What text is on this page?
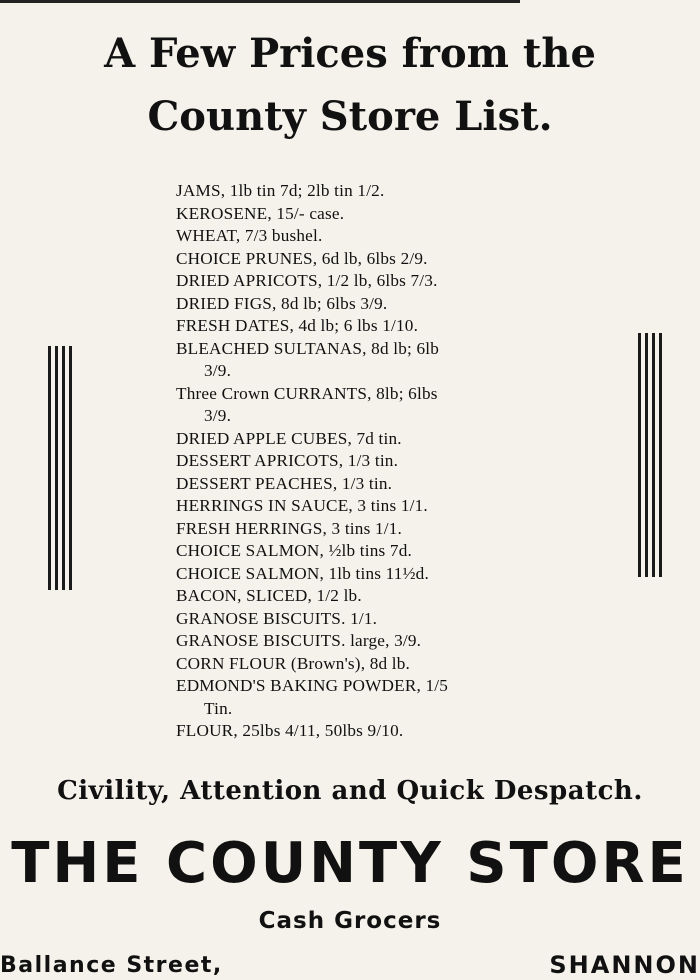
A Few Prices from the
County Store List.
JAMS, 1lb tin 7d; 2lb tin 1/2.
KEROSENE, 15/- case.
WHEAT, 7/3 bushel.
CHOICE PRUNES, 6d lb, 6lbs 2/9.
DRIED APRICOTS, 1/2 lb, 6lbs 7/3.
DRIED FIGS, 8d lb; 6lbs 3/9.
FRESH DATES, 4d lb; 6 lbs 1/10.
BLEACHED SULTANAS, 8d lb; 6lb
3/9.
Three Crown CURRANTS, 8lb; 6lbs
3/9.
DRIED APPLE CUBES, 7d tin.
DESSERT APRICOTS, 1/3 tin.
DESSERT PEACHES, 1/3 tin.
HERRINGS IN SAUCE, 3 tins 1/1.
FRESH HERRINGS, 3 tins 1/1.
CHOICE SALMON, ½lb tins 7d.
CHOICE SALMON, 1lb tins 11½d.
BACON, SLICED, 1/2 lb.
GRANOSE BISCUITS. 1/1.
GRANOSE BISCUITS. large, 3/9.
CORN FLOUR (Brown's), 8d lb.
EDMOND'S BAKING POWDER, 1/5
Tin.
FLOUR, 25lbs 4/11, 50lbs 9/10.
Civility, Attention and Quick Despatch.
THE COUNTY STORE
Cash Grocers
Ballance Street,	SHANNON
